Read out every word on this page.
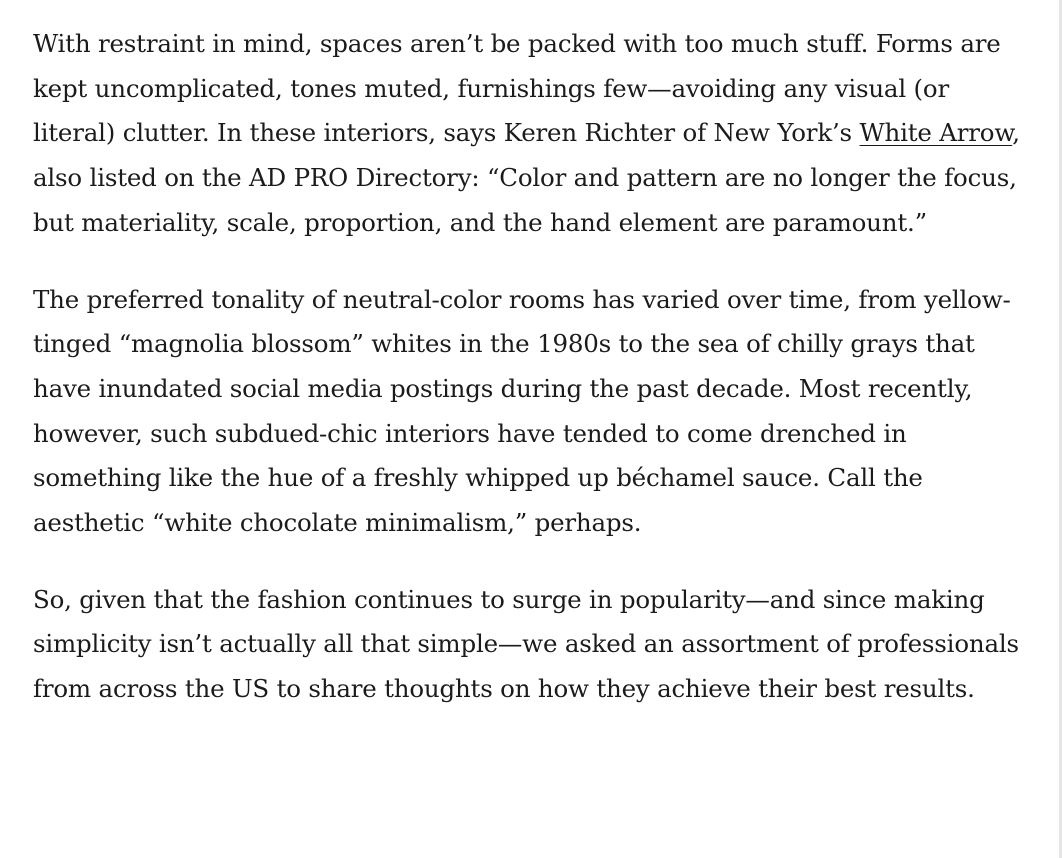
With restraint in mind, spaces aren’t be packed with too much stuff. Forms are kept uncomplicated, tones muted, furnishings few—avoiding any visual (or literal) clutter. In these interiors, says Keren Richter of New York’s White Arrow, also listed on the AD PRO Directory: “Color and pattern are no longer the focus, but materiality, scale, proportion, and the hand element are paramount.”

The preferred tonality of neutral-color rooms has varied over time, from yellow-tinged “magnolia blossom” whites in the 1980s to the sea of chilly grays that have inundated social media postings during the past decade. Most recently, however, such subdued-chic interiors have tended to come drenched in something like the hue of a freshly whipped up béchamel sauce. Call the aesthetic “white chocolate minimalism,” perhaps.

So, given that the fashion continues to surge in popularity—and since making simplicity isn’t actually all that simple—we asked an assortment of professionals from across the US to share thoughts on how they achieve their best results.
